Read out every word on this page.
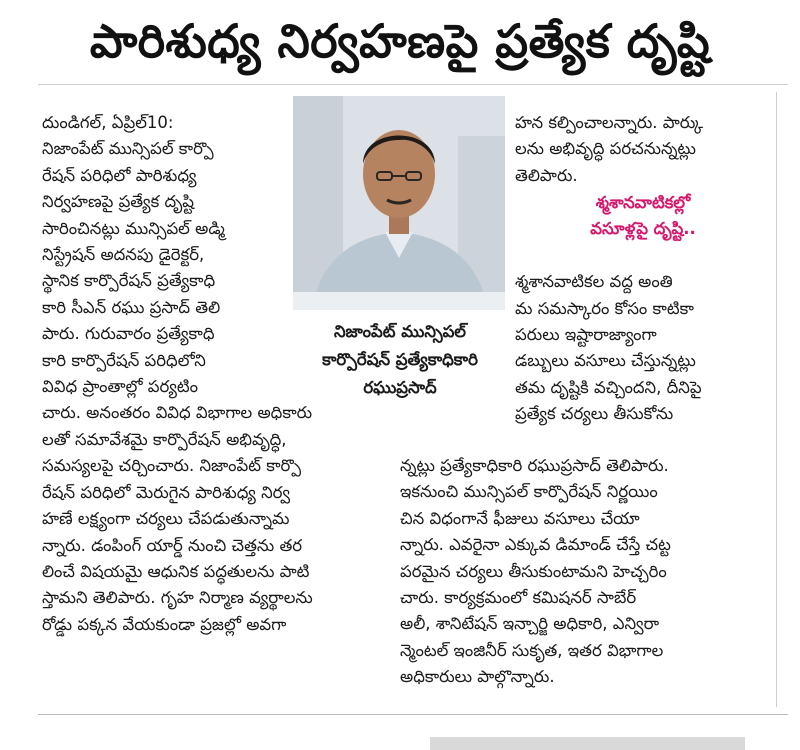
పారిశుధ్య నిర్వహణపై ప్రత్యేక దృష్టి
దుండిగల్, ఏప్రిల్10:
నిజాంపేట్ మున్సిపల్ కార్పొ
రేషన్ పరిధిలో పారిశుధ్య
నిర్వహణపై ప్రత్యేక దృష్టి
సారించినట్లు మున్సిపల్ అడ్మి
నిస్ట్రేషన్ అదనపు డైరెక్టర్,
స్థానిక కార్పొరేషన్ ప్రత్యేకాధి
కారి సీఎన్ రఘు ప్రసాద్ తెలి
పారు. గురువారం ప్రత్యేకాధి
కారి కార్పొరేషన్ పరిధిలోని
వివిధ ప్రాంతాల్లో పర్యటిం
చారు. అనంతరం వివిధ విభాగాల అధికారు
లతో సమావేశమై కార్పొరేషన్ అభివృద్ధి,
సమస్యలపై చర్చించారు. నిజాంపేట్ కార్పొ
రేషన్ పరిధిలో మెరుగైన పారిశుధ్య నిర్వ
హణే లక్ష్యంగా చర్యలు చేపడుతున్నామ
న్నారు. డంపింగ్ యార్డ్ నుంచి చెత్తను తర
లించే విషయమై ఆధునిక పద్ధతులను పాటి
స్తామని తెలిపారు. గృహ నిర్మాణ వ్యర్థాలను
రోడ్డు పక్కన వేయకుండా ప్రజల్లో అవగా
నిజాంపేట్ మున్సిపల్
కార్పొరేషన్ ప్రత్యేకాధికారి
రఘుప్రసాద్
హన కల్పించాలన్నారు. పార్కు
లను అభివృద్ధి పరచనున్నట్లు
తెలిపారు.
శ్మశానవాటికల వద్ద అంతి
మ సమస్కారం కోసం కాటికా
పరులు ఇష్టారాజ్యాంగా
డబ్బులు వసూలు చేస్తున్నట్లు
తమ దృష్టికి వచ్చిందని, దీనిపై
ప్రత్యేక చర్యలు తీసుకోను
శ్మశానవాటికల్లో
వసూళ్లపై దృష్టి..
న్నట్లు ప్రత్యేకాధికారి రఘుప్రసాద్ తెలిపారు.
ఇకనుంచి మున్సిపల్ కార్పొరేషన్ నిర్ణయిం
చిన విధంగానే ఫీజులు వసూలు చేయా
న్నారు. ఎవరైనా ఎక్కువ డిమాండ్ చేస్తే చట్ట
పరమైన చర్యలు తీసుకుంటామని హెచ్చరిం
చారు. కార్యక్రమంలో కమిషనర్ సాబేర్
అలీ, శానిటేషన్ ఇన్చార్జి అధికారి, ఎన్విరా
న్మెంటల్ ఇంజినీర్ సుకృత, ఇతర విభాగాల
అధికారులు పాల్గొన్నారు.
